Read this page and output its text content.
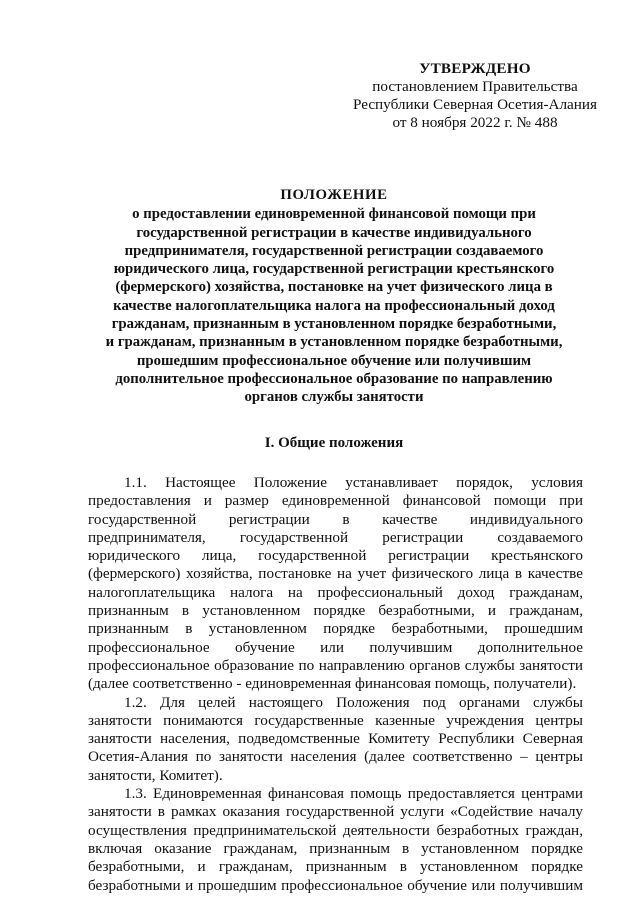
УТВЕРЖДЕНО
постановлением Правительства
Республики Северная Осетия-Алания
от 8 ноября 2022 г. № 488
ПОЛОЖЕНИЕ
о предоставлении единовременной финансовой помощи при
государственной регистрации в качестве индивидуального
предпринимателя, государственной регистрации создаваемого
юридического лица, государственной регистрации крестьянского
(фермерского) хозяйства, постановке на учет физического лица в
качестве налогоплательщика налога на профессиональный доход
гражданам, признанным в установленном порядке безработными,
и гражданам, признанным в установленном порядке безработными,
прошедшим профессиональное обучение или получившим
дополнительное профессиональное образование по направлению
органов службы занятости
I. Общие положения

1.1. Настоящее Положение устанавливает порядок, условия предоставления и размер единовременной финансовой помощи при государственной регистрации в качестве индивидуального предпринимателя, государственной регистрации создаваемого юридического лица, государственной регистрации крестьянского (фермерского) хозяйства, постановке на учет физического лица в качестве налогоплательщика налога на профессиональный доход гражданам, признанным в установленном порядке безработными, и гражданам, признанным в установленном порядке безработными, прошедшим профессиональное обучение или получившим дополнительное профессиональное образование по направлению органов службы занятости (далее соответственно - единовременная финансовая помощь, получатели).

1.2. Для целей настоящего Положения под органами службы занятости понимаются государственные казенные учреждения центры занятости населения, подведомственные Комитету Республики Северная Осетия-Алания по занятости населения (далее соответственно – центры занятости, Комитет).

1.3. Единовременная финансовая помощь предоставляется центрами занятости в рамках оказания государственной услуги «Содействие началу осуществления предпринимательской деятельности безработных граждан, включая оказание гражданам, признанным в установленном порядке безработными, и гражданам, признанным в установленном порядке безработными и прошедшим профессиональное обучение или получившим
